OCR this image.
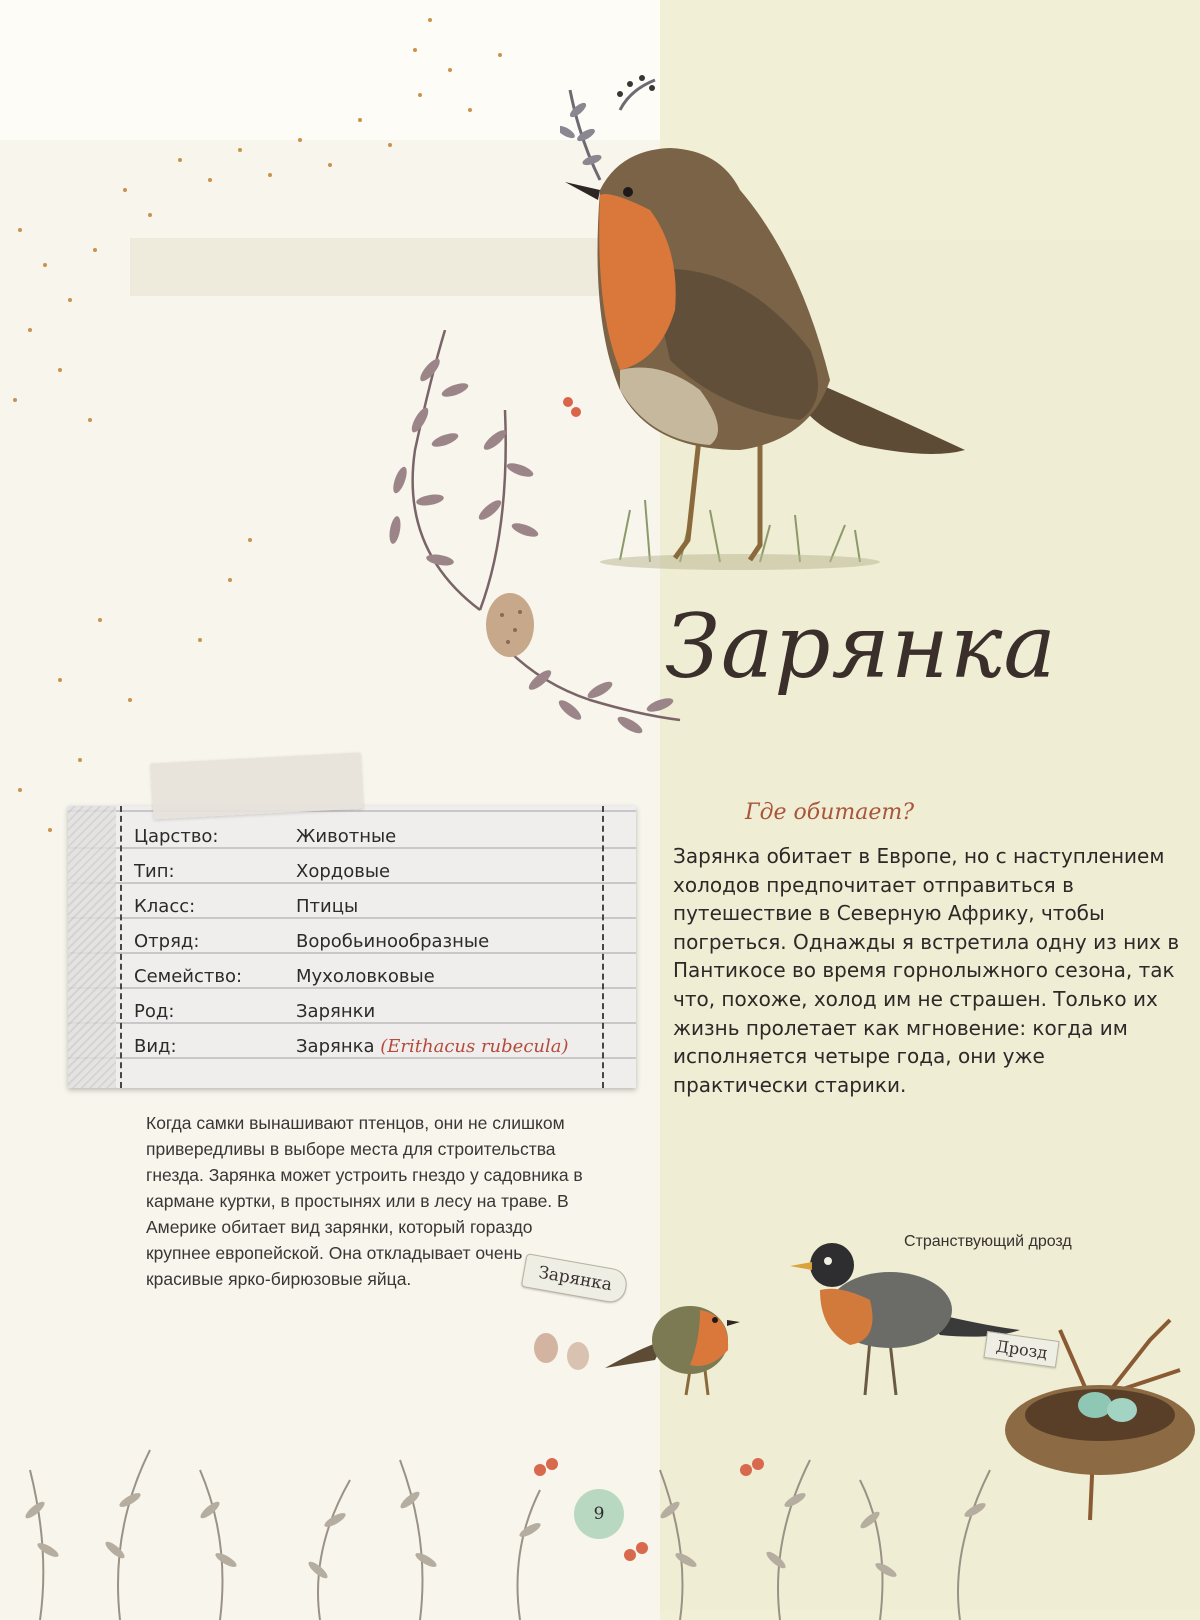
Зарянка
Царство:	Животные
Тип:	Хордовые
Класс:	Птицы
Отряд:	Воробьинообразные
Семейство:	Мухоловковые
Род:	Зарянки
Вид:	Зарянка (Erithacus rubecula)

Когда самки вынашивают птенцов, они не слишком привередливы в выборе места для строительства гнезда. Зарянка может устроить гнездо у садовника в кармане куртки, в простынях или в лесу на траве. В Америке обитает вид зарянки, который гораздо крупнее европейской. Она откладывает очень красивые ярко-бирюзовые яйца.

Где обитает?

Зарянка обитает в Европе, но с наступлением холодов предпочитает отправиться в путешествие в Северную Африку, чтобы погреться. Однажды я встретила одну из них в Пантикосе во время горнолыжного сезона, так что, похоже, холод им не страшен. Только их жизнь пролетает как мгновение: когда им исполняется четыре года, они уже практически старики.

Странствующий дрозд

Зарянка
Дрозд
9
